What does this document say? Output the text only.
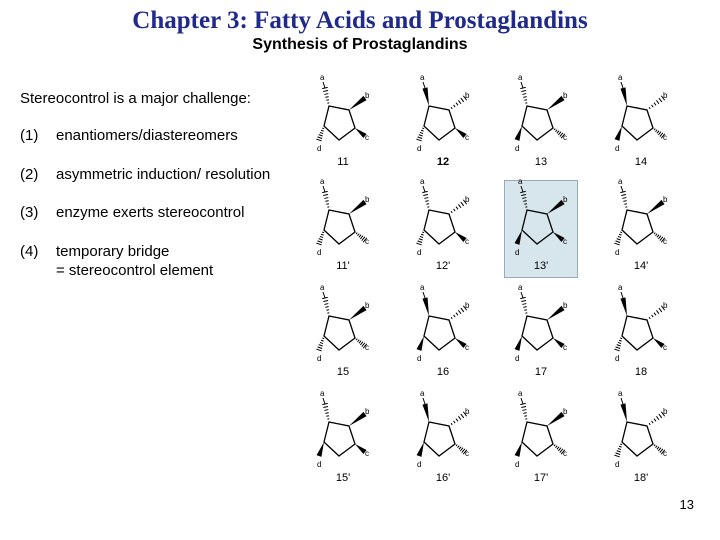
Chapter 3: Fatty Acids and Prostaglandins
Synthesis of Prostaglandins
Stereocontrol is a major challenge:
(1) enantiomers/diastereomers
(2) asymmetric induction/ resolution
(3) enzyme exerts stereocontrol
(4) temporary bridge
= stereocontrol element
a
b
c
d
11
a
b
c
d
12
a
b
c
d
13
a
b
c
d
14
a
b
c
d
11'
a
b
c
d
12'
a
b
c
d
13'
a
b
c
d
14'
a
b
c
d
15
a
b
c
d
16
a
b
c
d
17
a
b
c
d
18
a
b
c
d
15'
a
b
c
d
16'
a
b
c
d
17'
a
b
c
d
18'
13
